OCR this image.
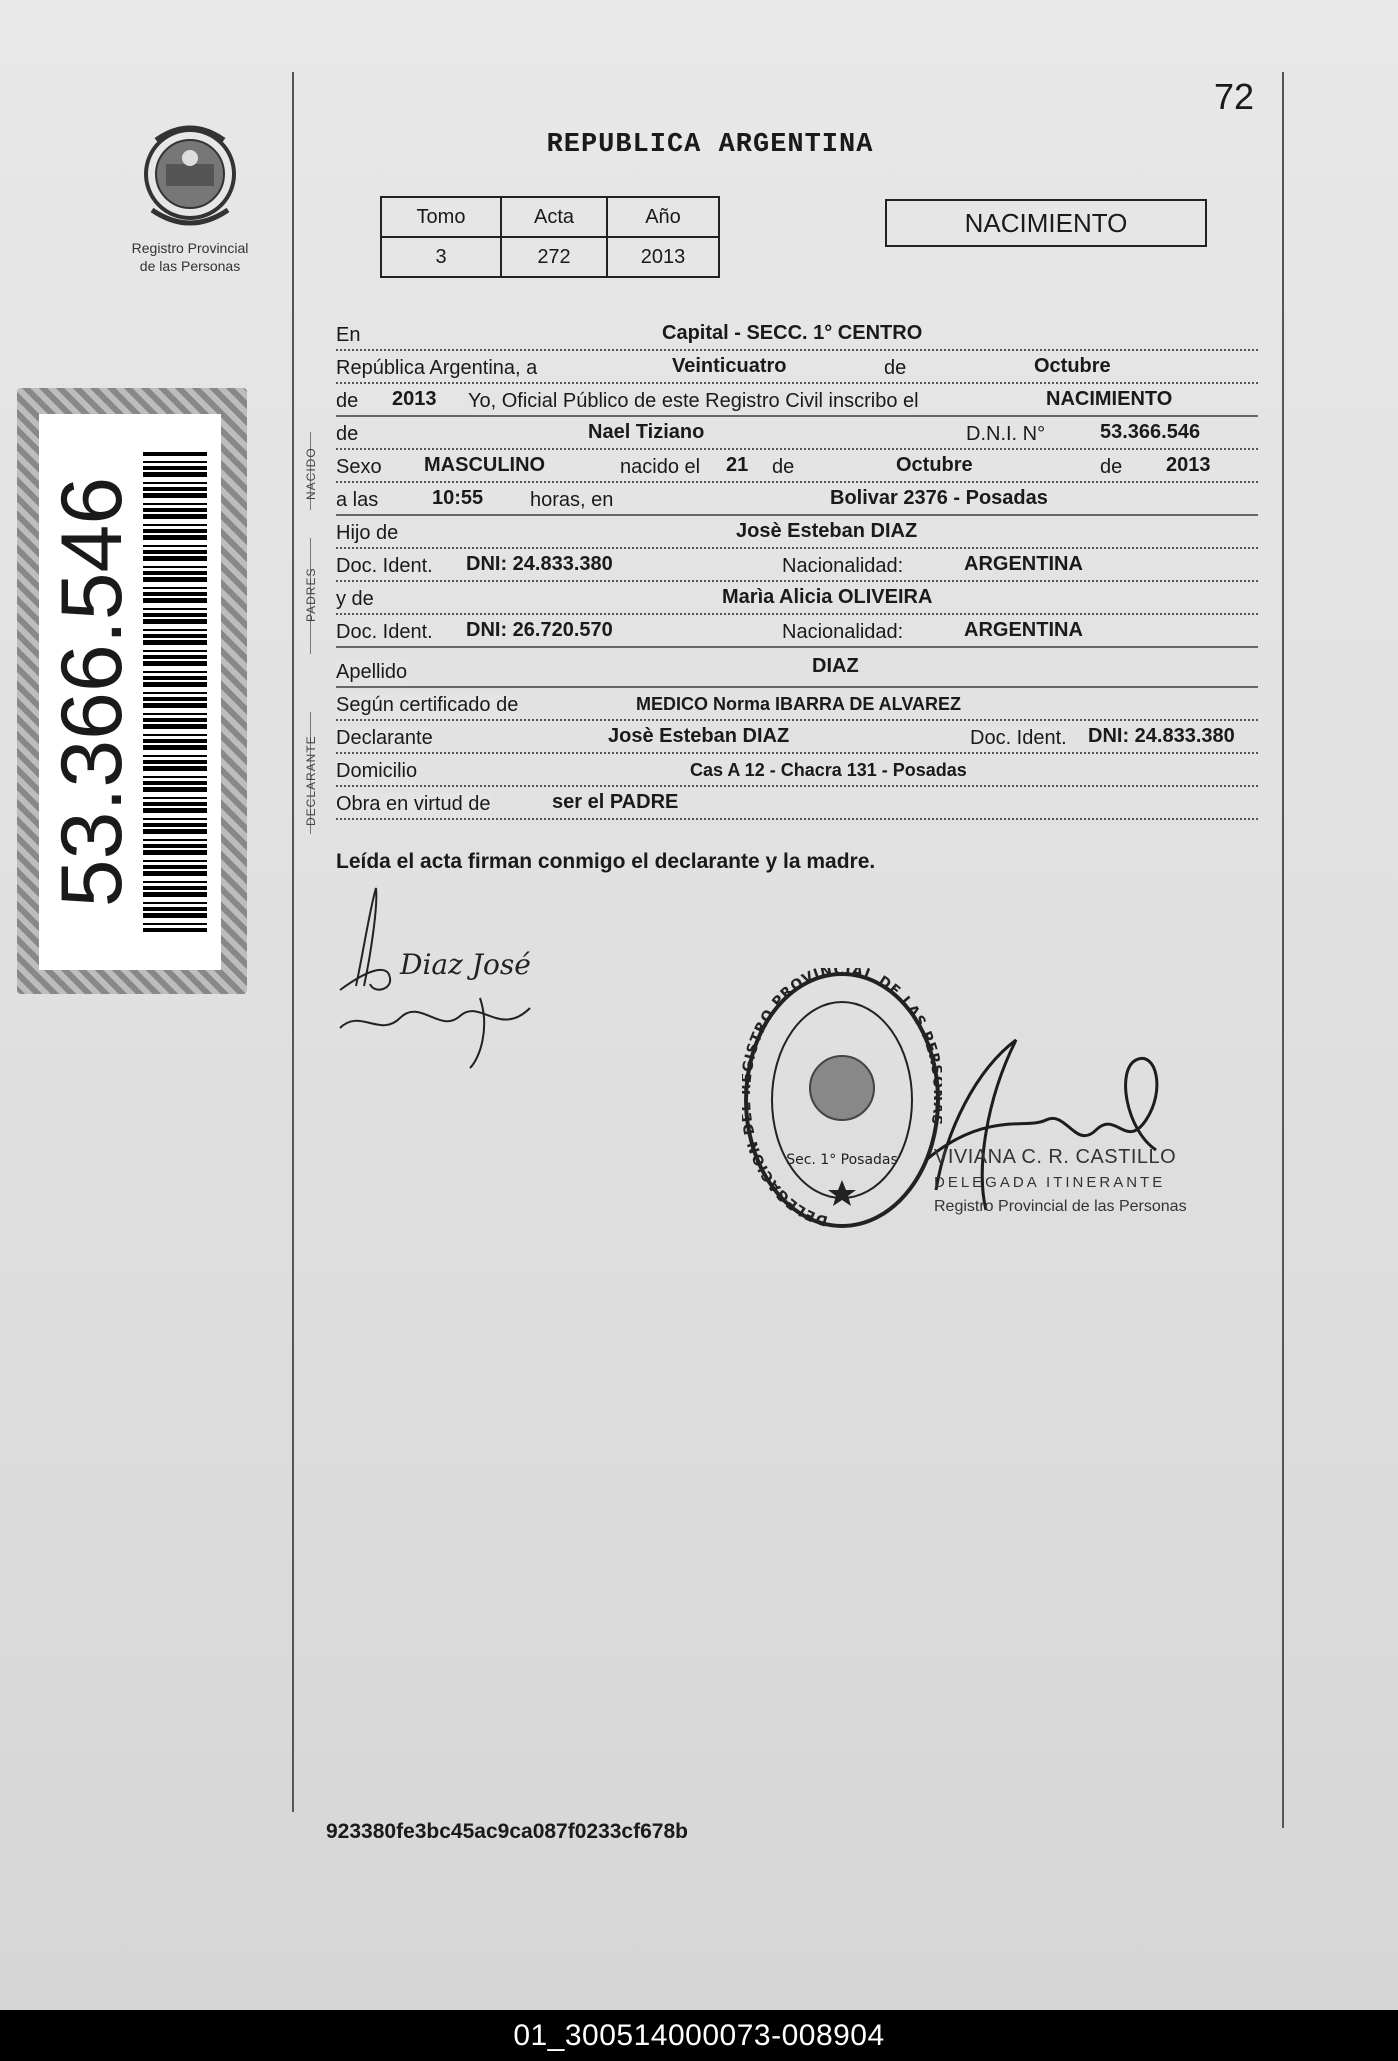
72
REPUBLICA ARGENTINA
Registro Provincial
de las Personas
53.366.546
Tomo	Acta	Año
3	272	2013
NACIMIENTO
NACIDO
PADRES
DECLARANTE
En	Capital - SECC. 1° CENTRO
República Argentina, a	Veinticuatro	de	Octubre
de 2013 Yo, Oficial Público de este Registro Civil inscribo el	NACIMIENTO
de	Nael Tiziano	D.N.I. N°	53.366.546
Sexo MASCULINO	nacido el 21 de	Octubre	de 2013
a las	10:55 horas, en	Bolivar 2376 - Posadas
Hijo de	Josè Esteban DIAZ
Doc. Ident. DNI: 24.833.380	Nacionalidad:	ARGENTINA
y de	Marìa Alicia OLIVEIRA
Doc. Ident. DNI: 26.720.570	Nacionalidad:	ARGENTINA
Apellido	DIAZ
Según certificado de	MEDICO Norma IBARRA DE ALVAREZ
Declarante	Josè Esteban DIAZ	Doc. Ident. DNI: 24.833.380
Domicilio	Cas A 12 - Chacra 131 - Posadas
Obra en virtud de	ser el PADRE
Leída el acta firman conmigo el declarante y la madre.
Diaz José
DELEGACION D ISTRO PROVINCIAL DE LAS PER
Sec. 1° Posadas VIVIANA C. R. CASTILLO
DELEGADA ITINERANTE
Registro Provincial de las Personas
923380fe3bc45ac9ca087f0233cf678b
01_300514000073-008904
